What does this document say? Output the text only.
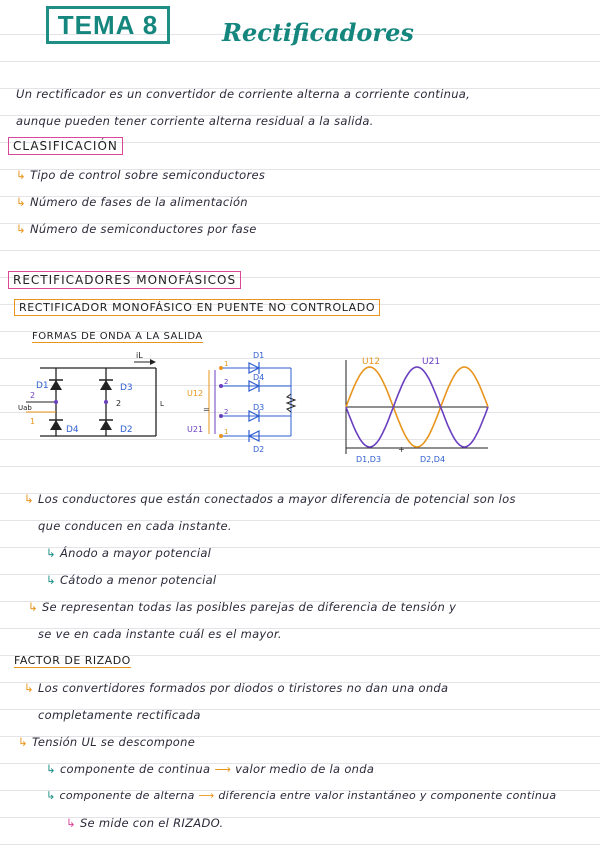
TEMA 8	Rectificadores
Un rectificador es un convertidor de corriente alterna a corriente continua,
aunque pueden tener corriente alterna residual a la salida.
CLASIFICACIÓN
↳ Tipo de control sobre semiconductores
↳ Número de fases de la alimentación
↳ Número de semiconductores por fase
RECTIFICADORES MONOFÁSICOS
RECTIFICADOR MONOFÁSICO EN PUENTE NO CONTROLADO
FORMAS DE ONDA A LA SALIDA
iL
D1
D4
D3
D2
Uab
2
1
2	L
U12
U21
=
D1
D4
D3
D2
1
2
2
1
U12	U21
D1,D3	D2,D4
+
↳ Los conductores que están conectados a mayor diferencia de potencial son los
que conducen en cada instante.
↳ Ánodo a mayor potencial
↳ Cátodo a menor potencial
↳ Se representan todas las posibles parejas de diferencia de tensión y
se ve en cada instante cuál es el mayor.
FACTOR DE RIZADO
↳ Los convertidores formados por diodos o tiristores no dan una onda
completamente rectificada
↳ Tensión UL se descompone
↳ componente de continua ⟶ valor medio de la onda
↳ componente de alterna ⟶ diferencia entre valor instantáneo y componente continua
↳ Se mide con el RIZADO.
